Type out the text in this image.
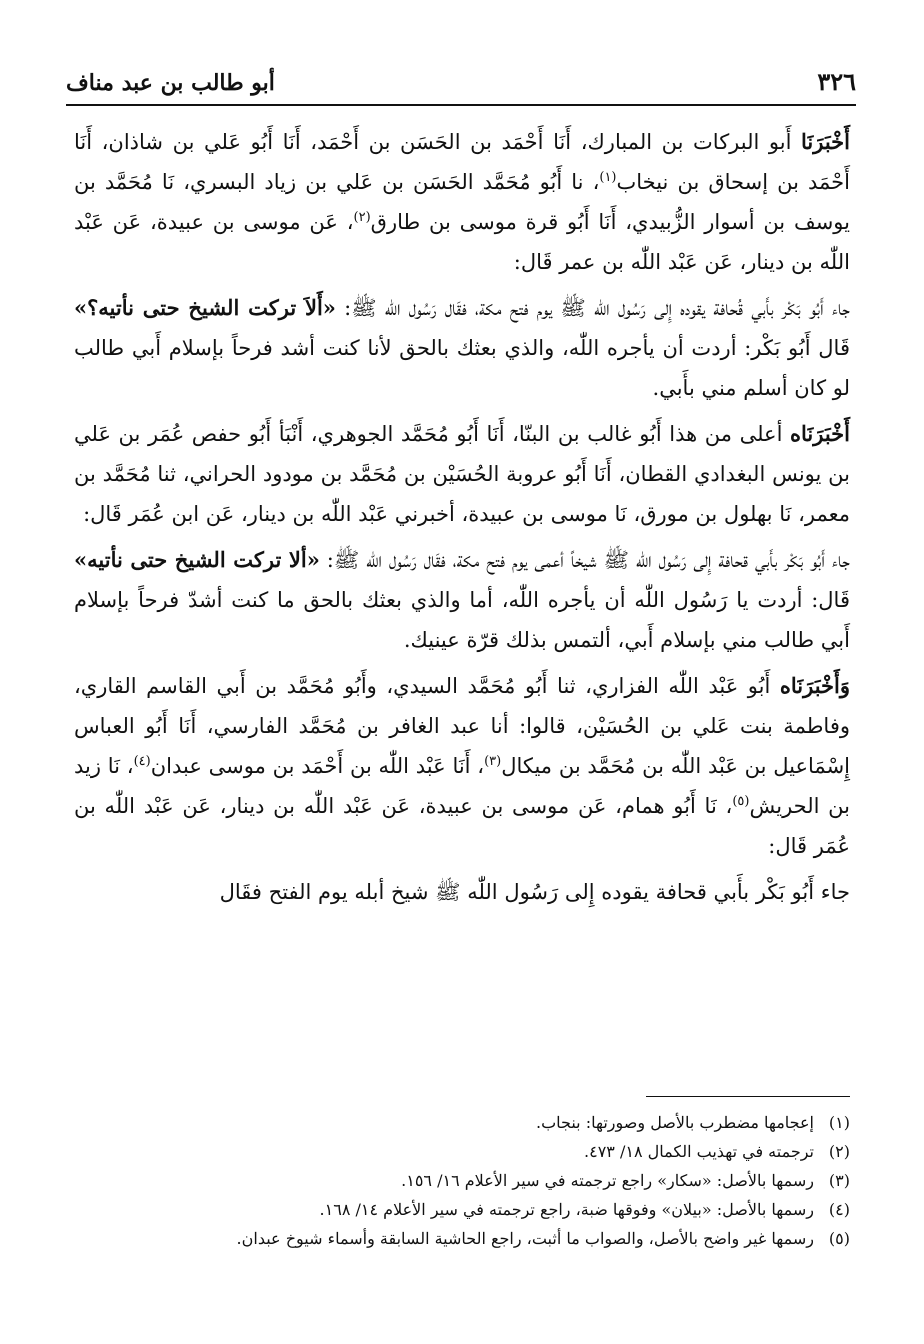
٣٢٦
أبو طالب بن عبد مناف

أَخْبَرَنَا أَبو البركات بن المبارك، أَنَا أَحْمَد بن الحَسَن بن أَحْمَد، أَنَا أَبُو عَلي بن شاذان، أَنَا أَحْمَد بن إسحاق بن نيخاب$^{(١)}$، نا أَبُو مُحَمَّد الحَسَن بن عَلي بن زياد البسري، نَا مُحَمَّد بن يوسف بن أسوار الزُّبيدي، أَنَا أَبُو قرة موسى بن طارق$^{(٢)}$، عَن موسى بن عبيدة، عَن عَبْد اللّٰه بن دينار، عَن عَبْد اللّٰه بن عمر قَال:

جاء أَبُو بَكْر بأَبي قُحافة يقوده إِلى رَسُول اللّٰه ﷺ يوم فتح مكة، فقَال رَسُول اللّٰه ﷺ: «أَلاَ تركت الشيخ حتى نأتيه؟» قَال أَبُو بَكْر: أردت أن يأجره اللّٰه، والذي بعثك بالحق لأنا كنت أشد فرحاً بإسلام أَبي طالب لو كان أسلم مني بأَبي.

أَخْبَرَنَاه أعلى من هذا أَبُو غالب بن البنّا، أَنَا أَبُو مُحَمَّد الجوهري، أَنْبَأ أَبُو حفص عُمَر بن عَلي بن يونس البغدادي القطان، أَنَا أَبُو عروبة الحُسَيْن بن مُحَمَّد بن مودود الحراني، ثنا مُحَمَّد بن معمر، نَا بهلول بن مورق، نَا موسى بن عبيدة، أخبرني عَبْد اللّٰه بن دينار، عَن ابن عُمَر قَال:

جاء أَبُو بَكْر بأَبي قحافة إِلى رَسُول اللّٰه ﷺ شيخاً أعمى يوم فتح مكة، فقَال رَسُول اللّٰه ﷺ: «ألا تركت الشيخ حتى نأتيه» قَال: أردت يا رَسُول اللّٰه أن يأجره اللّٰه، أما والذي بعثك بالحق ما كنت أشدّ فرحاً بإسلام أَبي طالب مني بإسلام أَبي، ألتمس بذلك قرّة عينيك.

وَأَخْبَرَنَاه أَبُو عَبْد اللّٰه الفزاري، ثنا أَبُو مُحَمَّد السيدي، وأَبُو مُحَمَّد بن أَبي القاسم القاري، وفاطمة بنت عَلي بن الحُسَيْن، قالوا: أنا عبد الغافر بن مُحَمَّد الفارسي، أَنَا أَبُو العباس إِسْمَاعيل بن عَبْد اللّٰه بن مُحَمَّد بن ميكال$^{(٣)}$، أَنَا عَبْد اللّٰه بن أَحْمَد بن موسى عبدان$^{(٤)}$، نَا زيد بن الحريش$^{(٥)}$، نَا أَبُو همام، عَن موسى بن عبيدة، عَن عَبْد اللّٰه بن دينار، عَن عَبْد اللّٰه بن عُمَر قَال:

جاء أَبُو بَكْر بأَبي قحافة يقوده إِلى رَسُول اللّٰه ﷺ شيخ أبله يوم الفتح فقَال

(١)
إعجامها مضطرب بالأصل وصورتها: بنجاب.
(٢)
ترجمته في تهذيب الكمال ١٨/ ٤٧٣.
(٣)
رسمها بالأصل: «سكار» راجع ترجمته في سير الأعلام ١٦/ ١٥٦.
(٤)
رسمها بالأصل: «بيلان» وفوقها ضبة، راجع ترجمته في سير الأعلام ١٤/ ١٦٨.
(٥)
رسمها غير واضح بالأصل، والصواب ما أثبت، راجع الحاشية السابقة وأسماء شيوخ عبدان.
